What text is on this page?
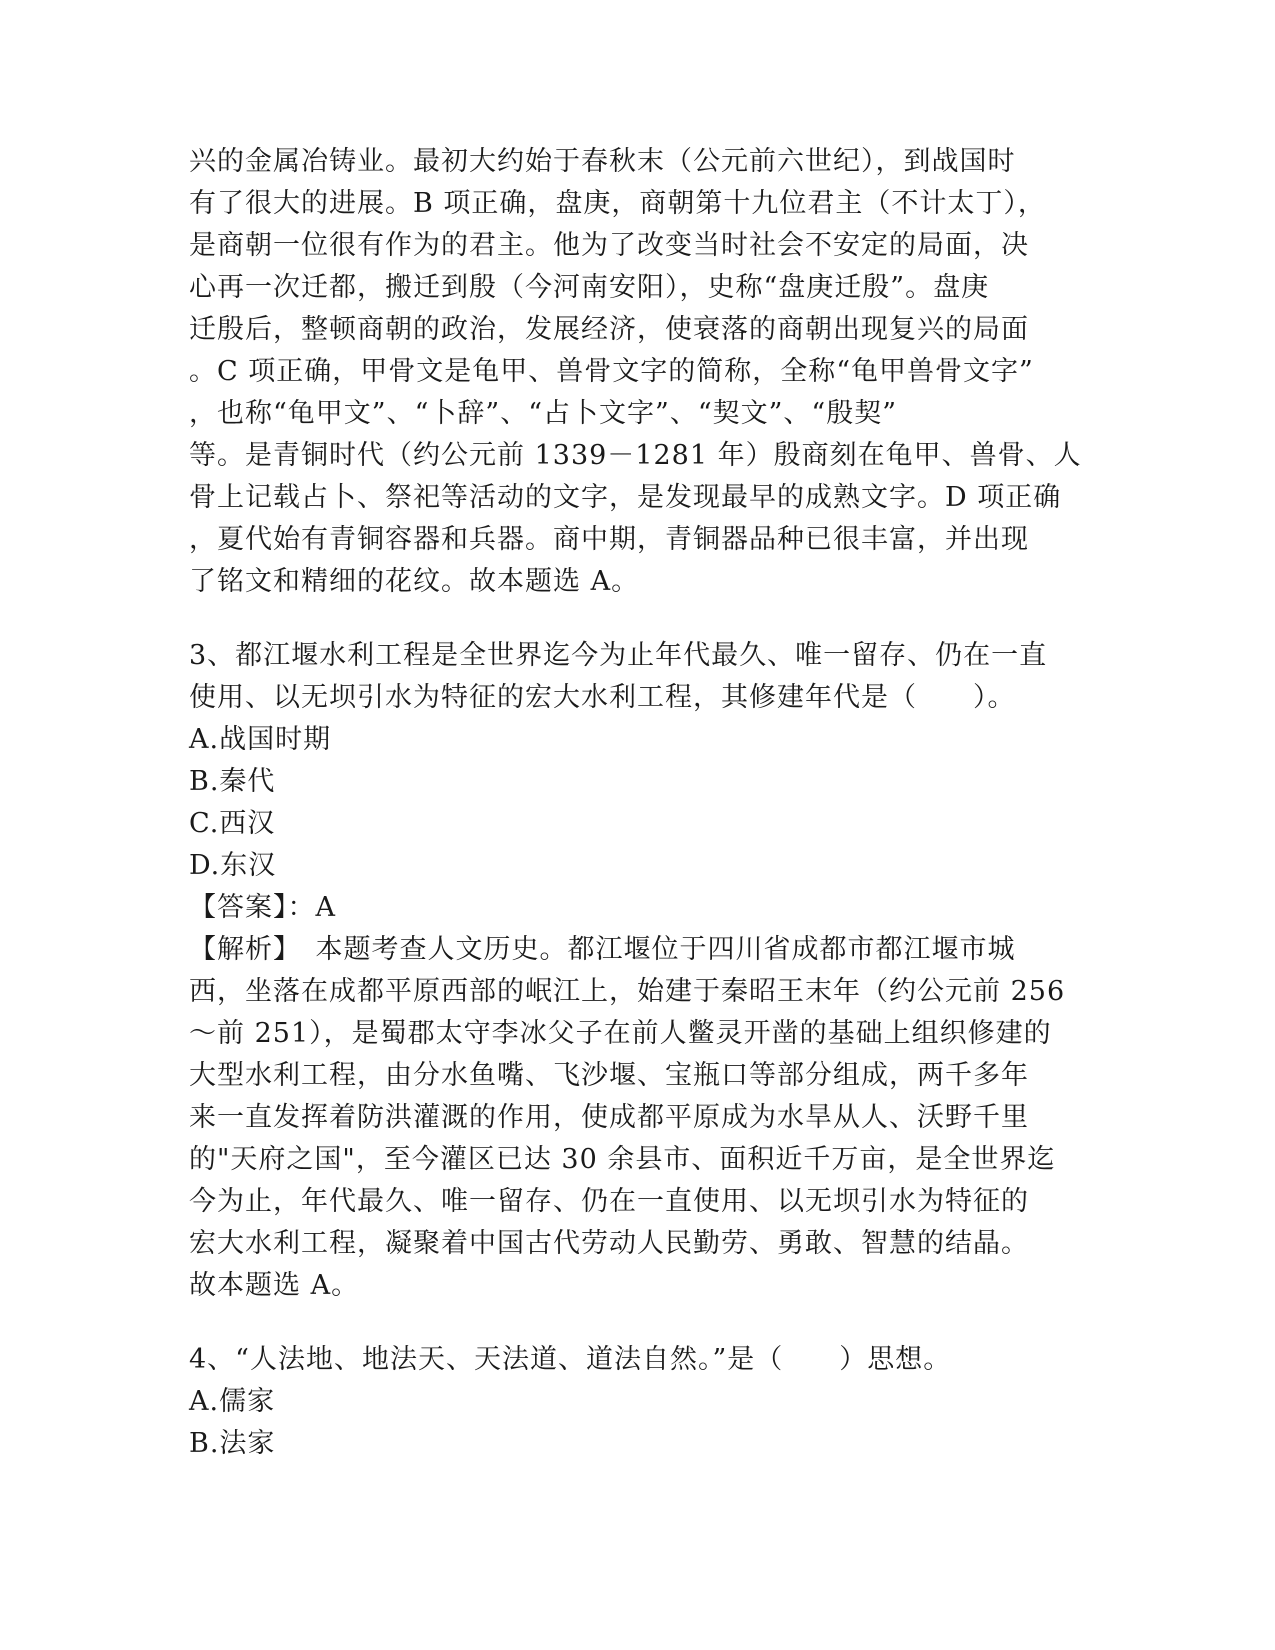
兴的金属冶铸业。最初大约始于春秋末（公元前六世纪），到战国时
有了很大的进展。B 项正确，盘庚，商朝第十九位君主（不计太丁），
是商朝一位很有作为的君主。他为了改变当时社会不安定的局面，决
心再一次迁都，搬迁到殷（今河南安阳），史称“盘庚迁殷”。盘庚
迁殷后，整顿商朝的政治，发展经济，使衰落的商朝出现复兴的局面
。C 项正确，甲骨文是龟甲、兽骨文字的简称，全称“龟甲兽骨文字”
，也称“龟甲文”、“卜辞”、“占卜文字”、“契文”、“殷契”
等。是青铜时代（约公元前 1339－1281 年）殷商刻在龟甲、兽骨、人
骨上记载占卜、祭祀等活动的文字，是发现最早的成熟文字。D 项正确
，夏代始有青铜容器和兵器。商中期，青铜器品种已很丰富，并出现
了铭文和精细的花纹。故本题选 A。
3、都江堰水利工程是全世界迄今为止年代最久、唯一留存、仍在一直
使用、以无坝引水为特征的宏大水利工程，其修建年代是（　　）。
A.战国时期
B.秦代
C.西汉
D.东汉
【答案】：A
【解析】　本题考查人文历史。都江堰位于四川省成都市都江堰市城
西，坐落在成都平原西部的岷江上，始建于秦昭王末年（约公元前 256
～前 251），是蜀郡太守李冰父子在前人鳖灵开凿的基础上组织修建的
大型水利工程，由分水鱼嘴、飞沙堰、宝瓶口等部分组成，两千多年
来一直发挥着防洪灌溉的作用，使成都平原成为水旱从人、沃野千里
的"天府之国"，至今灌区已达 30 余县市、面积近千万亩，是全世界迄
今为止，年代最久、唯一留存、仍在一直使用、以无坝引水为特征的
宏大水利工程，凝聚着中国古代劳动人民勤劳、勇敢、智慧的结晶。
故本题选 A。
4、“人法地、地法天、天法道、道法自然。”是（　　）思想。
A.儒家
B.法家
